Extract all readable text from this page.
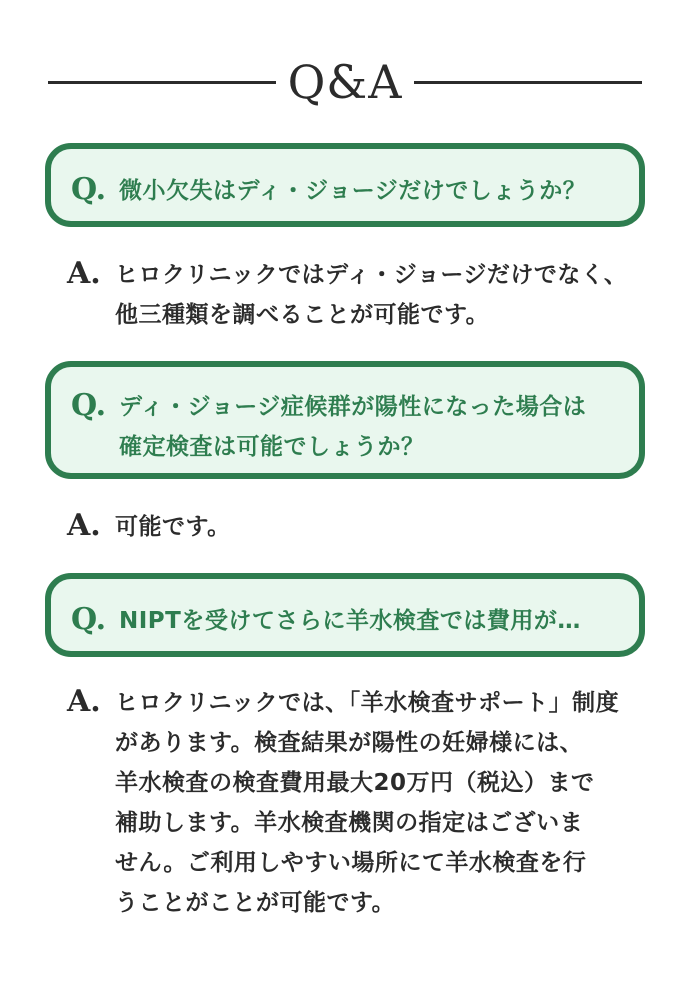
Q&A
Q. 微小欠失はディ・ジョージだけでしょうか？
A. ヒロクリニックではディ・ジョージだけでなく、
他三種類を調べることが可能です。
Q. ディ・ジョージ症候群が陽性になった場合は
確定検査は可能でしょうか？
A. 可能です。
Q. NIPTを受けてさらに羊水検査では費用が…
A. ヒロクリニックでは、「羊水検査サポート」制度
があります。検査結果が陽性の妊婦様には、
羊水検査の検査費用最大20万円（税込）まで
補助します。羊水検査機関の指定はございま
せん。ご利用しやすい場所にて羊水検査を行
うことがことが可能です。
